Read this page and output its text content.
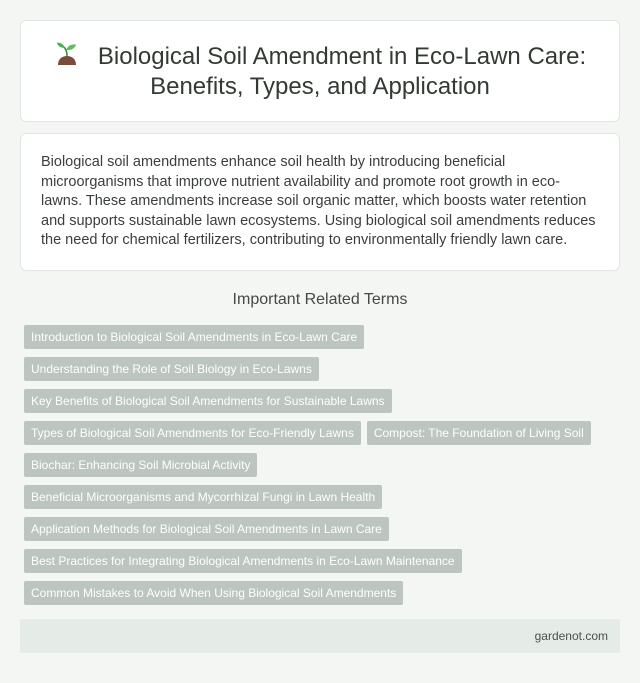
Biological Soil Amendment in Eco-Lawn Care: Benefits, Types, and Application

Biological soil amendments enhance soil health by introducing beneficial microorganisms that improve nutrient availability and promote root growth in eco-lawns. These amendments increase soil organic matter, which boosts water retention and supports sustainable lawn ecosystems. Using biological soil amendments reduces the need for chemical fertilizers, contributing to environmentally friendly lawn care.

Important Related Terms
Introduction to Biological Soil Amendments in Eco-Lawn Care
Understanding the Role of Soil Biology in Eco-Lawns
Key Benefits of Biological Soil Amendments for Sustainable Lawns
Types of Biological Soil Amendments for Eco-Friendly Lawns	Compost: The Foundation of Living Soil
Biochar: Enhancing Soil Microbial Activity
Beneficial Microorganisms and Mycorrhizal Fungi in Lawn Health
Application Methods for Biological Soil Amendments in Lawn Care
Best Practices for Integrating Biological Amendments in Eco-Lawn Maintenance
Common Mistakes to Avoid When Using Biological Soil Amendments
gardenot.com
